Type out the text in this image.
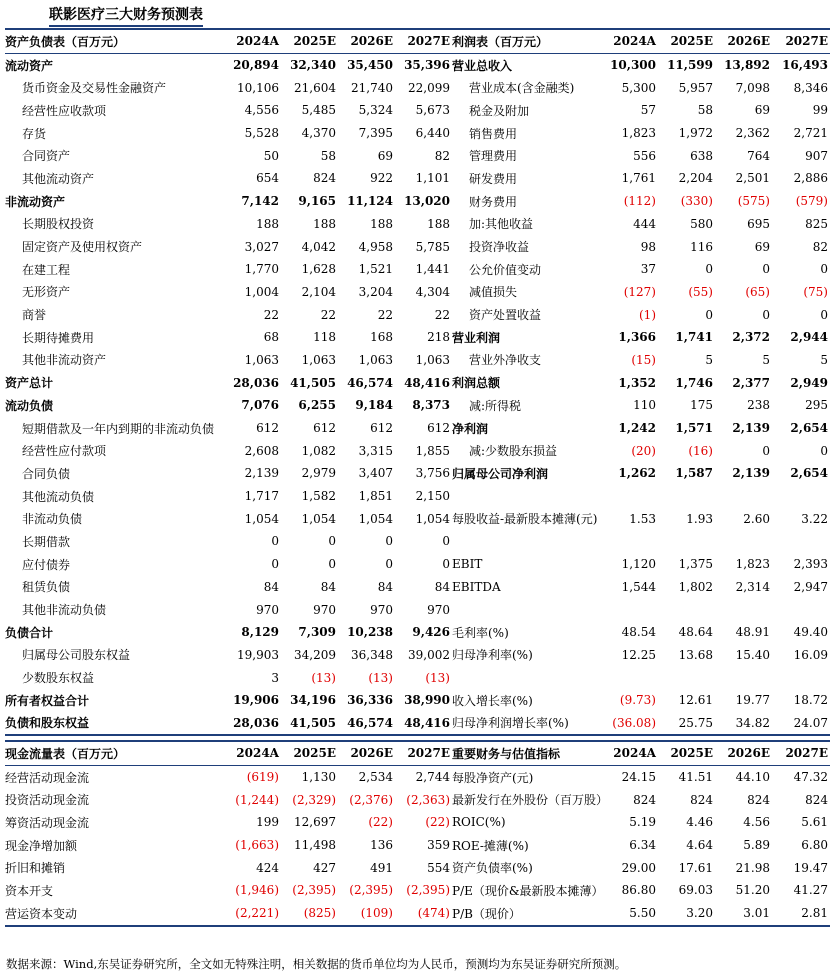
联影医疗三大财务预测表
资产负债表（百万元）	2024A	2025E	2026E	2027E
流动资产	20,894	32,340	35,450	35,396
货币资金及交易性金融资产	10,106	21,604	21,740	22,099
经营性应收款项	4,556	5,485	5,324	5,673
存货	5,528	4,370	7,395	6,440
合同资产	50	58	69	82
其他流动资产	654	824	922	1,101
非流动资产	7,142	9,165	11,124	13,020
长期股权投资	188	188	188	188
固定资产及使用权资产	3,027	4,042	4,958	5,785
在建工程	1,770	1,628	1,521	1,441
无形资产	1,004	2,104	3,204	4,304
商誉	22	22	22	22
长期待摊费用	68	118	168	218
其他非流动资产	1,063	1,063	1,063	1,063
资产总计	28,036	41,505	46,574	48,416
流动负债	7,076	6,255	9,184	8,373
短期借款及一年内到期的非流动负债	612	612	612	612
经营性应付款项	2,608	1,082	3,315	1,855
合同负债	2,139	2,979	3,407	3,756
其他流动负债	1,717	1,582	1,851	2,150
非流动负债	1,054	1,054	1,054	1,054
长期借款	0	0	0	0
应付债券	0	0	0	0
租赁负债	84	84	84	84
其他非流动负债	970	970	970	970
负债合计	8,129	7,309	10,238	9,426
归属母公司股东权益	19,903	34,209	36,348	39,002
少数股东权益	3	(13)	(13)	(13)
所有者权益合计	19,906	34,196	36,336	38,990
负债和股东权益	28,036	41,505	46,574	48,416
利润表（百万元）	2024A	2025E	2026E	2027E
营业总收入	10,300	11,599	13,892	16,493
营业成本(含金融类)	5,300	5,957	7,098	8,346
税金及附加	57	58	69	99
销售费用	1,823	1,972	2,362	2,721
管理费用	556	638	764	907
研发费用	1,761	2,204	2,501	2,886
财务费用	(112)	(330)	(575)	(579)
加:其他收益	444	580	695	825
投资净收益	98	116	69	82
公允价值变动	37	0	0	0
减值损失	(127)	(55)	(65)	(75)
资产处置收益	(1)	0	0	0
营业利润	1,366	1,741	2,372	2,944
营业外净收支	(15)	5	5	5
利润总额	1,352	1,746	2,377	2,949
减:所得税	110	175	238	295
净利润	1,242	1,571	2,139	2,654
减:少数股东损益	(20)	(16)	0	0
归属母公司净利润	1,262	1,587	2,139	2,654

每股收益-最新股本摊薄(元)	1.53	1.93	2.60	3.22

EBIT	1,120	1,375	1,823	2,393
EBITDA	1,544	1,802	2,314	2,947

毛利率(%)	48.54	48.64	48.91	49.40
归母净利率(%)	12.25	13.68	15.40	16.09

收入增长率(%)	(9.73)	12.61	19.77	18.72
归母净利润增长率(%)	(36.08)	25.75	34.82	24.07
现金流量表（百万元）	2024A	2025E	2026E	2027E
经营活动现金流	(619)	1,130	2,534	2,744
投资活动现金流	(1,244)	(2,329)	(2,376)	(2,363)
筹资活动现金流	199	12,697	(22)	(22)
现金净增加额	(1,663)	11,498	136	359
折旧和摊销	424	427	491	554
资本开支	(1,946)	(2,395)	(2,395)	(2,395)
营运资本变动	(2,221)	(825)	(109)	(474)
重要财务与估值指标	2024A	2025E	2026E	2027E
每股净资产(元)	24.15	41.51	44.10	47.32
最新发行在外股份（百万股）	824	824	824	824
ROIC(%)	5.19	4.46	4.56	5.61
ROE-摊薄(%)	6.34	4.64	5.89	6.80
资产负债率(%)	29.00	17.61	21.98	19.47
P/E（现价&最新股本摊薄）	86.80	69.03	51.20	41.27
P/B（现价）	5.50	3.20	3.01	2.81
数据来源：Wind,东吴证券研究所，全文如无特殊注明，相关数据的货币单位均为人民币，预测均为东吴证券研究所预测。
